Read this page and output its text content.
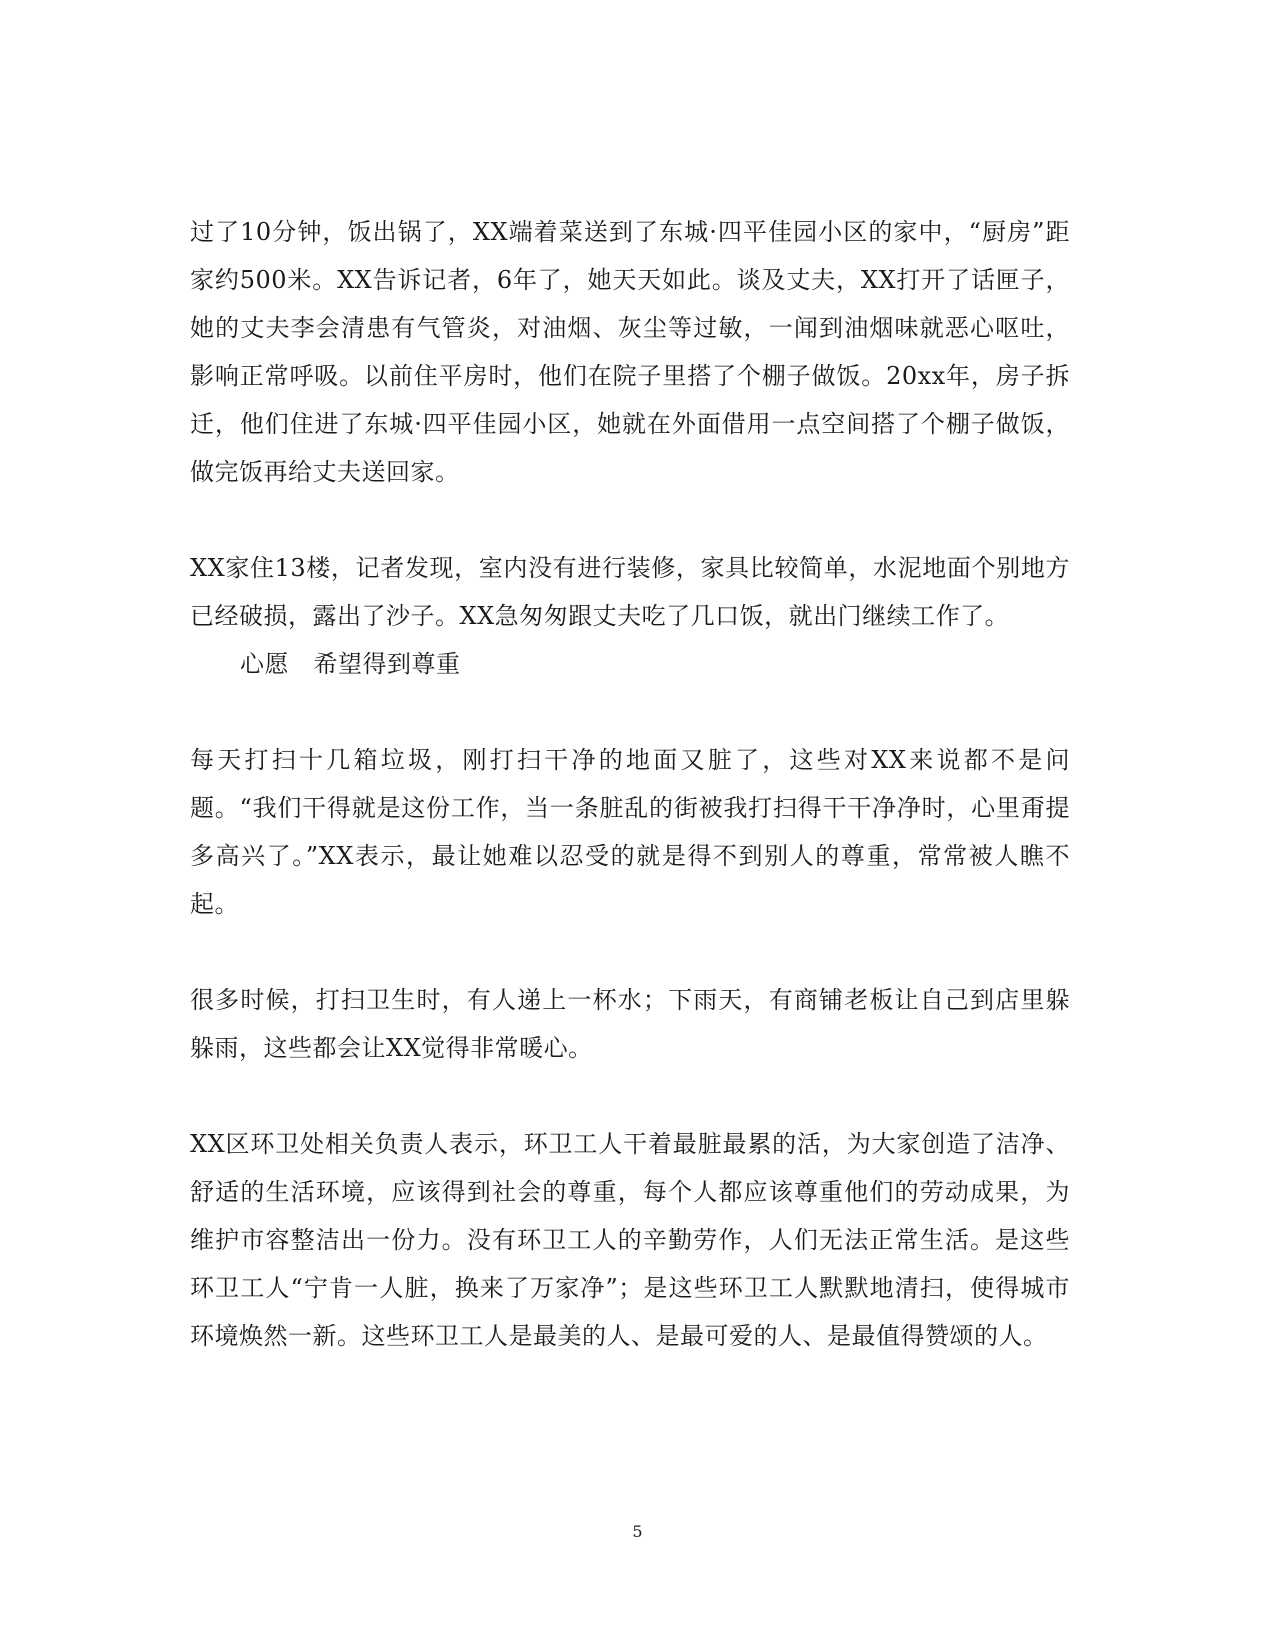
过了10分钟，饭出锅了，XX端着菜送到了东城·四平佳园小区的家中，“厨房”距家约500米。XX告诉记者，6年了，她天天如此。谈及丈夫，XX打开了话匣子，她的丈夫李会清患有气管炎，对油烟、灰尘等过敏，一闻到油烟味就恶心呕吐，影响正常呼吸。以前住平房时，他们在院子里搭了个棚子做饭。20xx年，房子拆迁，他们住进了东城·四平佳园小区，她就在外面借用一点空间搭了个棚子做饭，做完饭再给丈夫送回家。

XX家住13楼，记者发现，室内没有进行装修，家具比较简单，水泥地面个别地方已经破损，露出了沙子。XX急匆匆跟丈夫吃了几口饭，就出门继续工作了。

心愿　希望得到尊重

每天打扫十几箱垃圾，刚打扫干净的地面又脏了，这些对XX来说都不是问题。“我们干得就是这份工作，当一条脏乱的街被我打扫得干干净净时，心里甭提多高兴了。”XX表示，最让她难以忍受的就是得不到别人的尊重，常常被人瞧不起。

很多时候，打扫卫生时，有人递上一杯水；下雨天，有商铺老板让自己到店里躲躲雨，这些都会让XX觉得非常暖心。

XX区环卫处相关负责人表示，环卫工人干着最脏最累的活，为大家创造了洁净、舒适的生活环境，应该得到社会的尊重，每个人都应该尊重他们的劳动成果，为维护市容整洁出一份力。没有环卫工人的辛勤劳作，人们无法正常生活。是这些环卫工人“宁肯一人脏，换来了万家净”；是这些环卫工人默默地清扫，使得城市环境焕然一新。这些环卫工人是最美的人、是最可爱的人、是最值得赞颂的人。

5
